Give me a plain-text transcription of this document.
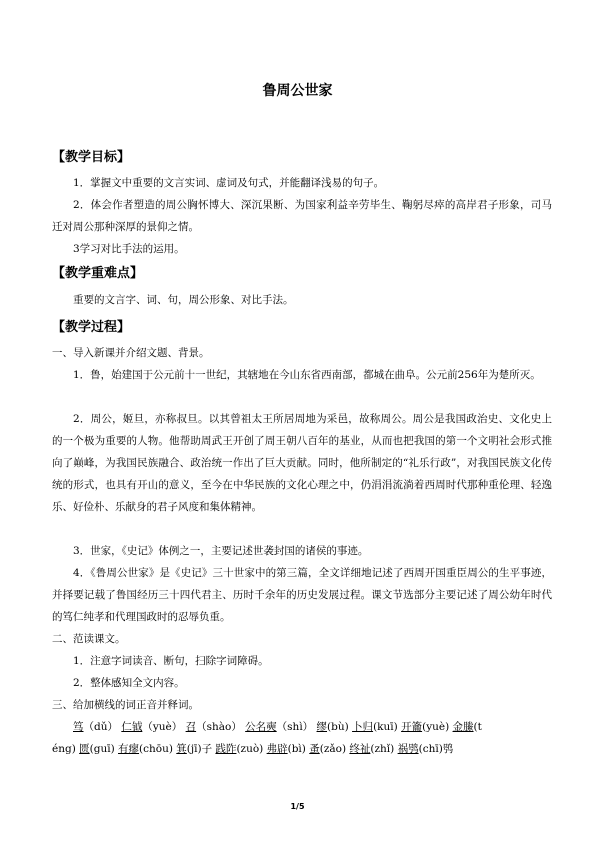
鲁周公世家
【教学目标】
1．掌握文中重要的文言实词、虚词及句式，并能翻译浅易的句子。
2．体会作者塑造的周公胸怀博大、深沉果断、为国家利益辛劳毕生、鞠躬尽瘁的高岸君子形象，司马迁对周公那种深厚的景仰之情。
3学习对比手法的运用。
【教学重难点】
重要的文言字、词、句，周公形象、对比手法。
【教学过程】
一、导入新课并介绍文题、背景。
1．鲁，始建国于公元前十一世纪，其辖地在今山东省西南部，都城在曲阜。公元前256年为楚所灭。
2．周公，姬旦，亦称叔旦。以其曾祖太王所居周地为采邑，故称周公。周公是我国政治史、文化史上的一个极为重要的人物。他帮助周武王开创了周王朝八百年的基业，从而也把我国的第一个文明社会形式推向了巅峰，为我国民族融合、政治统一作出了巨大贡献。同时，他所制定的“礼乐行政”，对我国民族文化传统的形式，也具有开山的意义，至今在中华民族的文化心理之中，仍涓涓流淌着西周时代那种重伦理、轻逸乐、好俭朴、乐献身的君子风度和集体精神。
3．世家，《史记》体例之一，主要记述世袭封国的诸侯的事迹。
4．《鲁周公世家》是《史记》三十世家中的第三篇，全文详细地记述了西周开国重臣周公的生平事迹，并择要记载了鲁国经历三十四代君主、历时千余年的历史发展过程。课文节选部分主要记述了周公幼年时代的笃仁纯孝和代理国政时的忍辱负重。
二、范读课文。
1．注意字词读音、断句，扫除字词障碍。
2．整体感知全文内容。
三、给加横线的词正音并释词。
笃（dǔ） 仁钺（yuè） 召（shào） 公名奭（shì） 缪(bù) 卜归(kuī) 开籥(yuè) 金縢(t
éng) 匮(guī) 有瘳(chōu) 箕(jī)子 践阼(zuò) 弗辟(bì) 蚤(zǎo) 终祉(zhǐ) 祸鸮(chī)鸮
1/5
